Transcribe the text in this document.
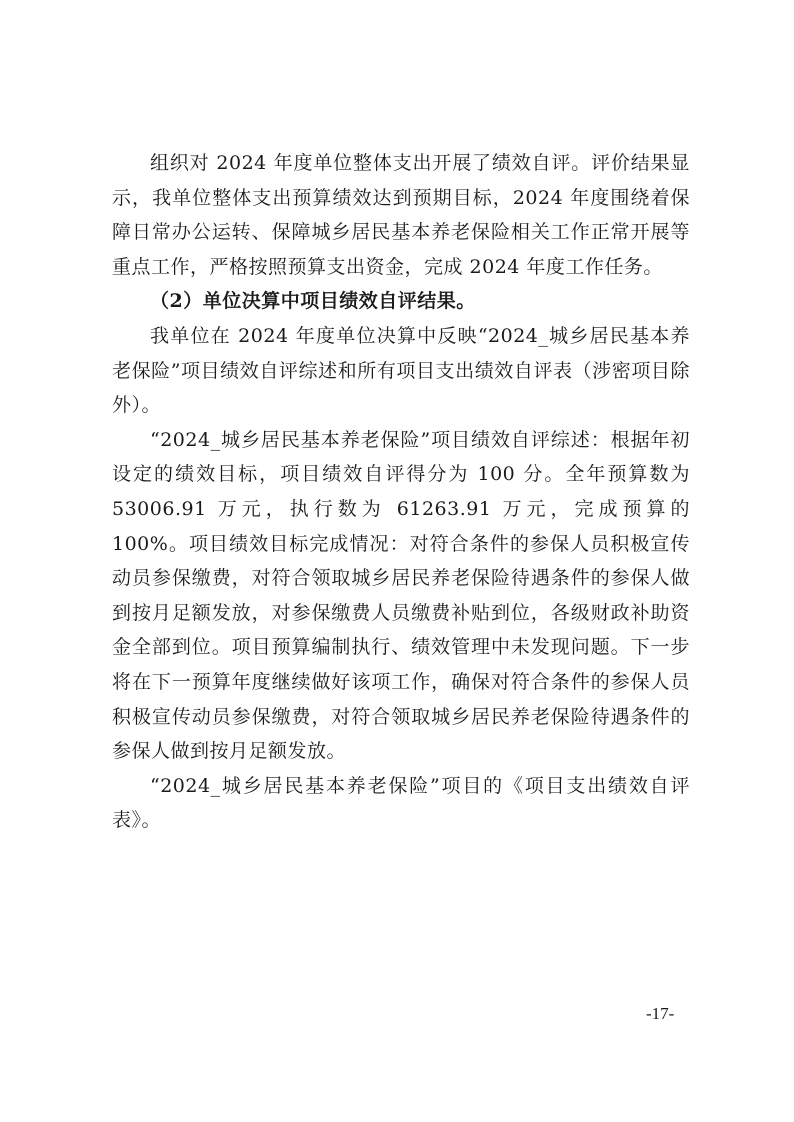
组织对 2024 年度单位整体支出开展了绩效自评。评价结果显示，我单位整体支出预算绩效达到预期目标，2024 年度围绕着保障日常办公运转、保障城乡居民基本养老保险相关工作正常开展等重点工作，严格按照预算支出资金，完成 2024 年度工作任务。

（2）单位决算中项目绩效自评结果。

我单位在 2024 年度单位决算中反映“2024_城乡居民基本养老保险”项目绩效自评综述和所有项目支出绩效自评表（涉密项目除外）。

“2024_城乡居民基本养老保险”项目绩效自评综述：根据年初设定的绩效目标，项目绩效自评得分为 100 分。全年预算数为 53006.91 万元，执行数为 61263.91 万元，完成预算的 100%。项目绩效目标完成情况：对符合条件的参保人员积极宣传动员参保缴费，对符合领取城乡居民养老保险待遇条件的参保人做到按月足额发放，对参保缴费人员缴费补贴到位，各级财政补助资金全部到位。项目预算编制执行、绩效管理中未发现问题。下一步将在下一预算年度继续做好该项工作，确保对符合条件的参保人员积极宣传动员参保缴费，对符合领取城乡居民养老保险待遇条件的参保人做到按月足额发放。

“2024_城乡居民基本养老保险”项目的《项目支出绩效自评表》。

-17-
